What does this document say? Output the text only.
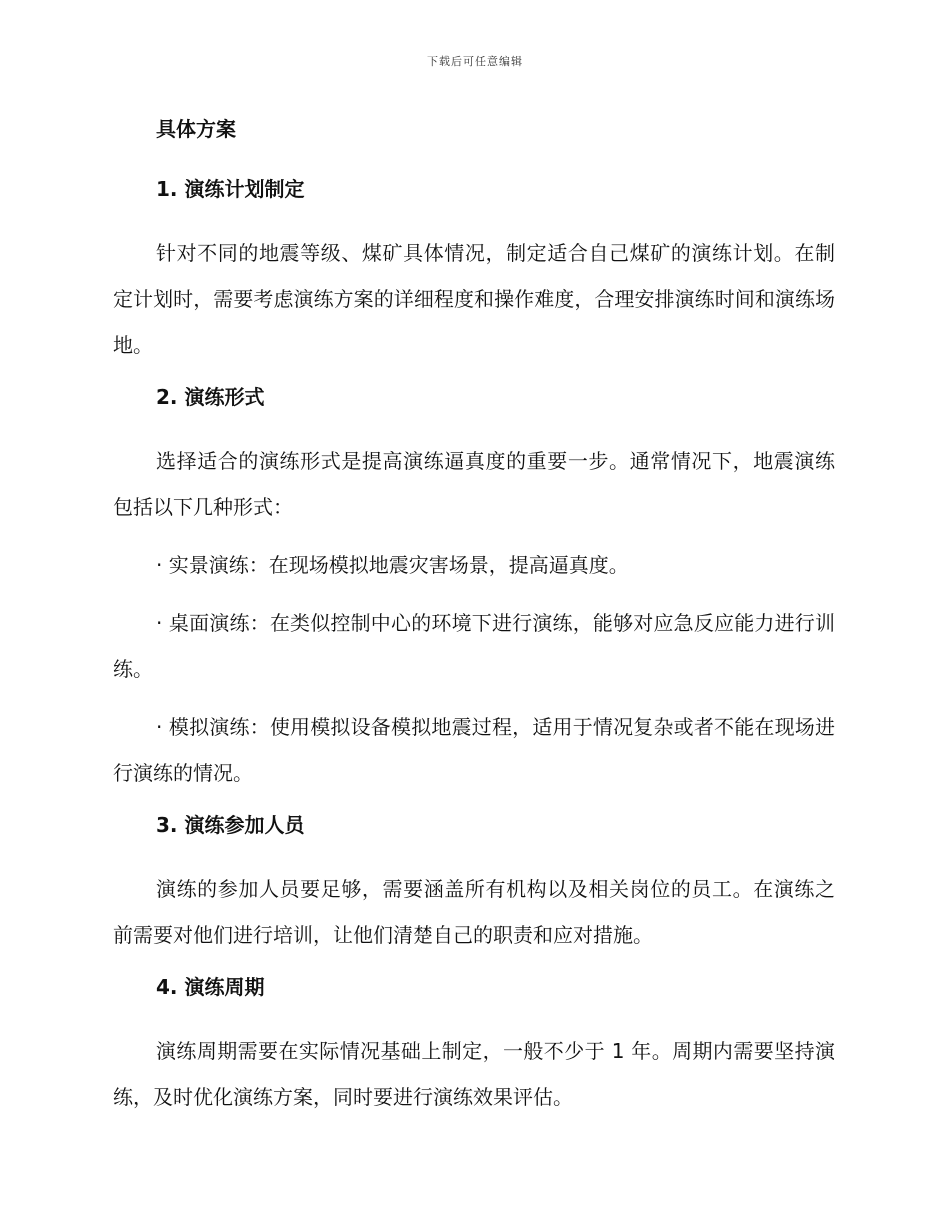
下载后可任意编辑
具体方案
1. 演练计划制定

针对不同的地震等级、煤矿具体情况，制定适合自己煤矿的演练计划。在制定计划时，需要考虑演练方案的详细程度和操作难度，合理安排演练时间和演练场地。

2. 演练形式

选择适合的演练形式是提高演练逼真度的重要一步。通常情况下，地震演练包括以下几种形式：

· 实景演练：在现场模拟地震灾害场景，提高逼真度。

· 桌面演练：在类似控制中心的环境下进行演练，能够对应急反应能力进行训练。

· 模拟演练：使用模拟设备模拟地震过程，适用于情况复杂或者不能在现场进行演练的情况。

3. 演练参加人员

演练的参加人员要足够，需要涵盖所有机构以及相关岗位的员工。在演练之前需要对他们进行培训，让他们清楚自己的职责和应对措施。

4. 演练周期

演练周期需要在实际情况基础上制定，一般不少于 1 年。周期内需要坚持演练，及时优化演练方案，同时要进行演练效果评估。
